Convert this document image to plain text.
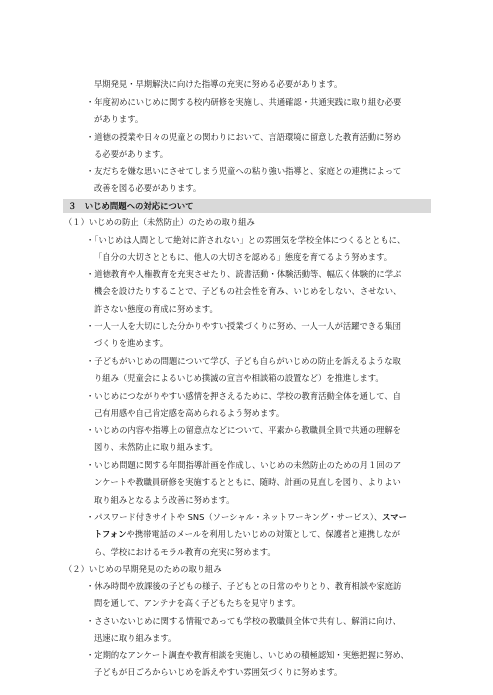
早期発見・早期解決に向けた指導の充実に努める必要があります。
・年度初めにいじめに関する校内研修を実施し、共通確認・共通実践に取り組む必要
があります。
・道徳の授業や日々の児童との関わりにおいて、言語環境に留意した教育活動に努め
る必要があります。
・友だちを嫌な思いにさせてしまう児童への粘り強い指導と、家庭との連携によって
改善を図る必要があります。
３　いじめ問題への対応について
（１）いじめの防止（未然防止）のための取り組み
・「いじめは人間として絶対に許されない」との雰囲気を学校全体につくるとともに、
「自分の大切さとともに、他人の大切さを認める」態度を育てるよう努めます。
・道徳教育や人権教育を充実させたり、読書活動・体験活動等、幅広く体験的に学ぶ
機会を設けたりすることで、子どもの社会性を育み、いじめをしない、させない、
許さない態度の育成に努めます。
・一人一人を大切にした分かりやすい授業づくりに努め、一人一人が活躍できる集団
づくりを進めます。
・子どもがいじめの問題について学び、子ども自らがいじめの防止を訴えるような取
り組み（児童会によるいじめ撲滅の宣言や相談箱の設置など）を推進します。
・いじめにつながりやすい感情を押さえるために、学校の教育活動全体を通して、自
己有用感や自己肯定感を高められるよう努めます。
・いじめの内容や指導上の留意点などについて、平素から教職員全員で共通の理解を
図り、未然防止に取り組みます。
・いじめ問題に関する年間指導計画を作成し、いじめの未然防止のための月１回のア
ンケートや教職員研修を実施するとともに、随時、計画の見直しを図り、よりよい
取り組みとなるよう改善に努めます。
・パスワード付きサイトや SNS（ソーシャル・ネットワーキング・サービス）、スマー
トフォンや携帯電話のメールを利用したいじめの対策として、保護者と連携しなが
ら、学校におけるモラル教育の充実に努めます。
（２）いじめの早期発見のための取り組み
・休み時間や放課後の子どもの様子、子どもとの日常のやりとり、教育相談や家庭訪
問を通して、アンテナを高く子どもたちを見守ります。
・ささいないじめに関する情報であっても学校の教職員全体で共有し、解消に向け、
迅速に取り組みます。
・定期的なアンケート調査や教育相談を実施し、いじめの積極認知・実態把握に努め、
子どもが日ごろからいじめを訴えやすい雰囲気づくりに努めます。
